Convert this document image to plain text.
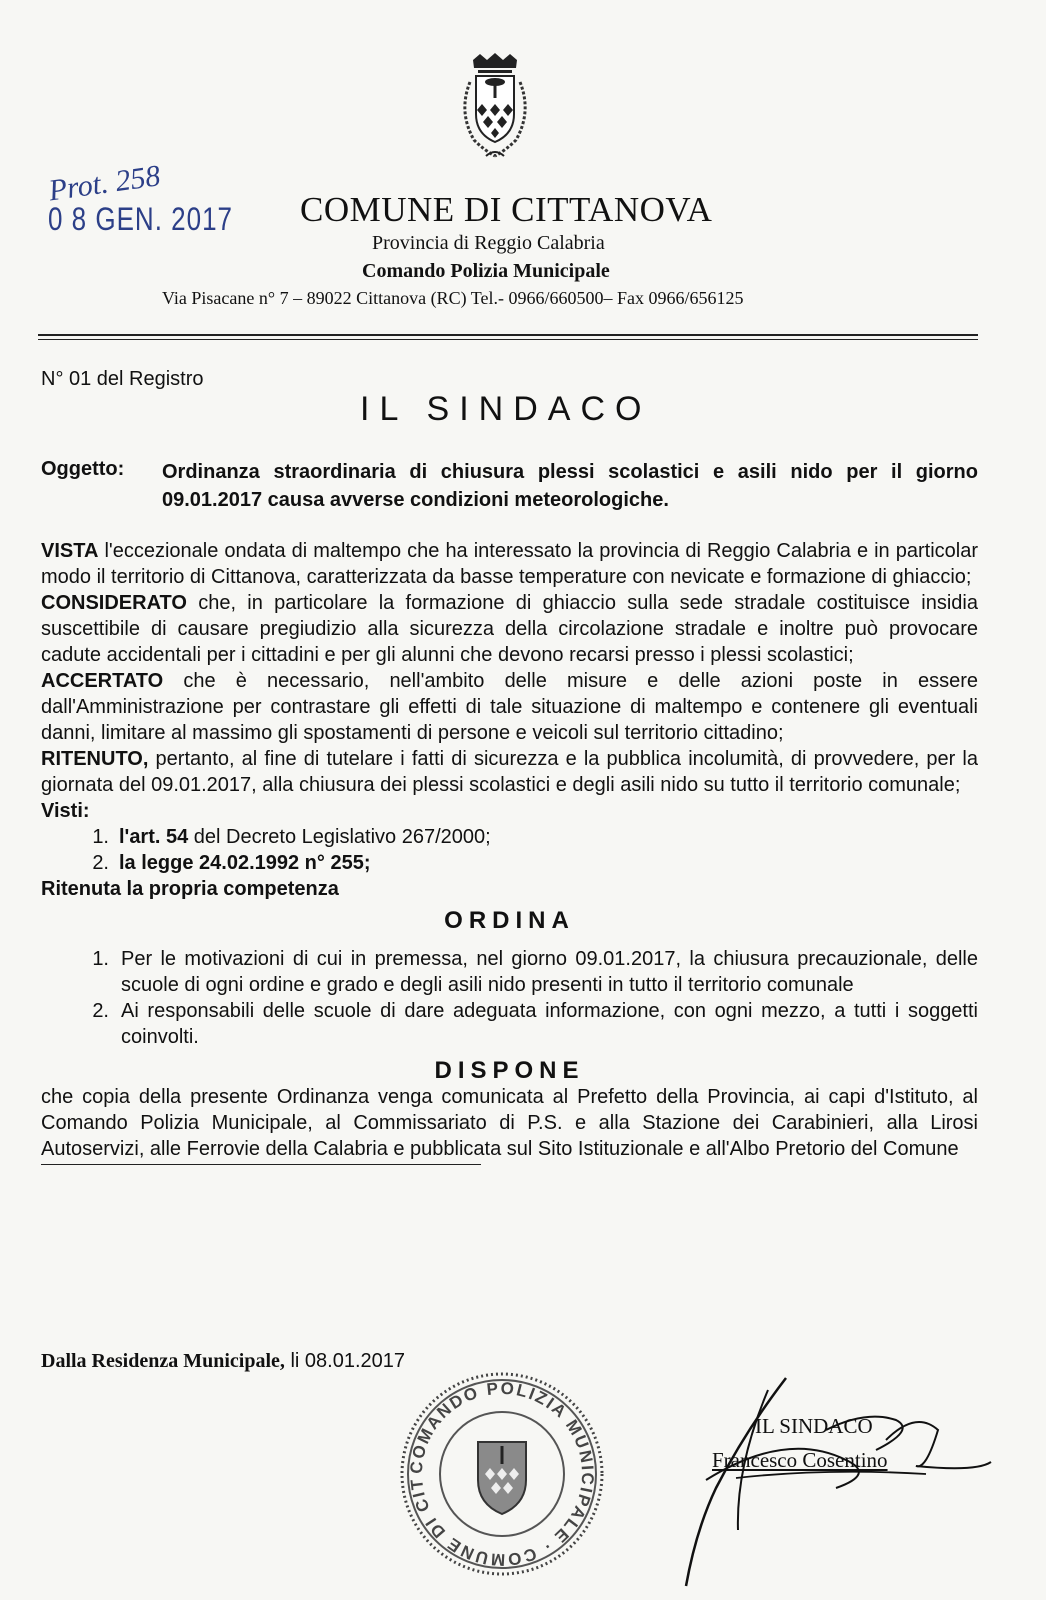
Prot. 258
0 8 GEN. 2017	COMUNE DI CITTANOVA
Provincia di Reggio Calabria
Comando Polizia Municipale
Via Pisacane n° 7 – 89022 Cittanova (RC) Tel.- 0966/660500– Fax 0966/656125
N° 01 del Registro
IL SINDACO
Oggetto: Ordinanza straordinaria di chiusura plessi scolastici e asili nido per il giorno 09.01.2017 causa avverse condizioni meteorologiche.

VISTA l'eccezionale ondata di maltempo che ha interessato la provincia di Reggio Calabria e in particolar modo il territorio di Cittanova, caratterizzata da basse temperature con nevicate e formazione di ghiaccio;

CONSIDERATO che, in particolare la formazione di ghiaccio sulla sede stradale costituisce insidia suscettibile di causare pregiudizio alla sicurezza della circolazione stradale e inoltre può provocare cadute accidentali per i cittadini e per gli alunni che devono recarsi presso i plessi scolastici;

ACCERTATO che è necessario, nell'ambito delle misure e delle azioni poste in essere dall'Amministrazione per contrastare gli effetti di tale situazione di maltempo e contenere gli eventuali danni, limitare al massimo gli spostamenti di persone e veicoli sul territorio cittadino;

RITENUTO, pertanto, al fine di tutelare i fatti di sicurezza e la pubblica incolumità, di provvedere, per la giornata del 09.01.2017, alla chiusura dei plessi scolastici e degli asili nido su tutto il territorio comunale;

Visti:

1. l'art. 54 del Decreto Legislativo 267/2000;
2. la legge 24.02.1992 n° 255;

Ritenuta la propria competenza

ORDINA
1. Per le motivazioni di cui in premessa, nel giorno 09.01.2017, la chiusura precauzionale, delle scuole di ogni ordine e grado e degli asili nido presenti in tutto il territorio comunale
2. Ai responsabili delle scuole di dare adeguata informazione, con ogni mezzo, a tutti i soggetti coinvolti.
DISPONE

che copia della presente Ordinanza venga comunicata al Prefetto della Provincia, ai capi d'Istituto, al Comando Polizia Municipale, al Commissariato di P.S. e alla Stazione dei Carabinieri, alla Lirosi Autoservizi, alle Ferrovie della Calabria e pubblicata sul Sito Istituzionale e all'Albo Pretorio del Comune

Dalla Residenza Municipale, li 08.01.2017
COMANDO POLIZIA MUNICIPALE · COMUNE DI CIT
IL SINDACO
Francesco Cosentino
